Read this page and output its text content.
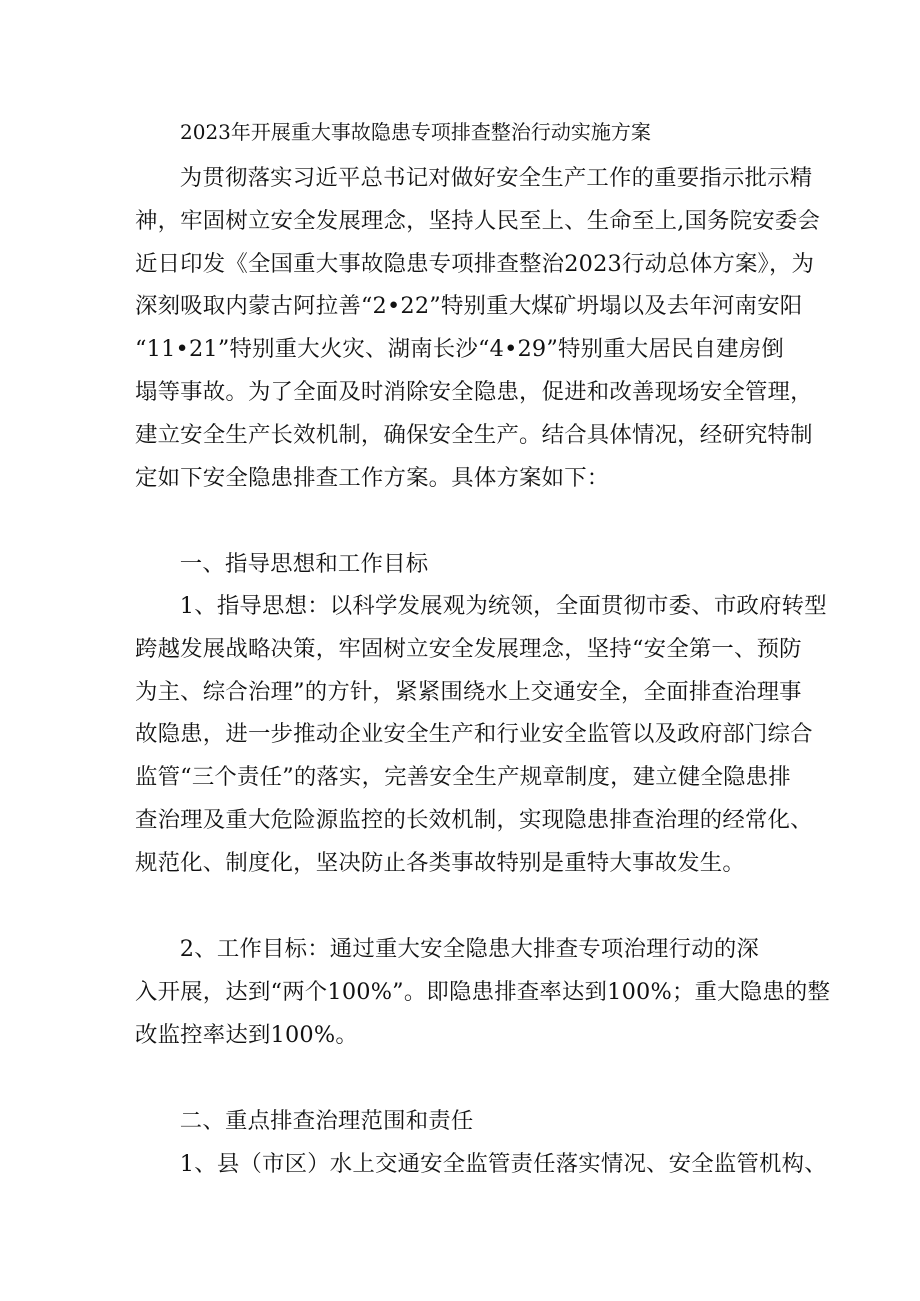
2023年开展重大事故隐患专项排查整治行动实施方案
为贯彻落实习近平总书记对做好安全生产工作的重要指示批示精
神，牢固树立安全发展理念，坚持人民至上、生命至上,国务院安委会
近日印发《全国重大事故隐患专项排查整治2023行动总体方案》，为
深刻吸取内蒙古阿拉善“2•22”特别重大煤矿坍塌以及去年河南安阳
“11•21”特别重大火灾、湖南长沙“4•29”特别重大居民自建房倒
塌等事故。为了全面及时消除安全隐患，促进和改善现场安全管理，
建立安全生产长效机制，确保安全生产。结合具体情况，经研究特制
定如下安全隐患排查工作方案。具体方案如下：
一、指导思想和工作目标
1、指导思想：以科学发展观为统领，全面贯彻市委、市政府转型
跨越发展战略决策，牢固树立安全发展理念，坚持“安全第一、预防
为主、综合治理”的方针，紧紧围绕水上交通安全，全面排查治理事
故隐患，进一步推动企业安全生产和行业安全监管以及政府部门综合
监管“三个责任”的落实，完善安全生产规章制度，建立健全隐患排
查治理及重大危险源监控的长效机制，实现隐患排查治理的经常化、
规范化、制度化，坚决防止各类事故特别是重特大事故发生。
2、工作目标：通过重大安全隐患大排查专项治理行动的深
入开展，达到“两个100%”。即隐患排查率达到100%；重大隐患的整
改监控率达到100%。
二、重点排查治理范围和责任
1、县（市区）水上交通安全监管责任落实情况、安全监管机构、
